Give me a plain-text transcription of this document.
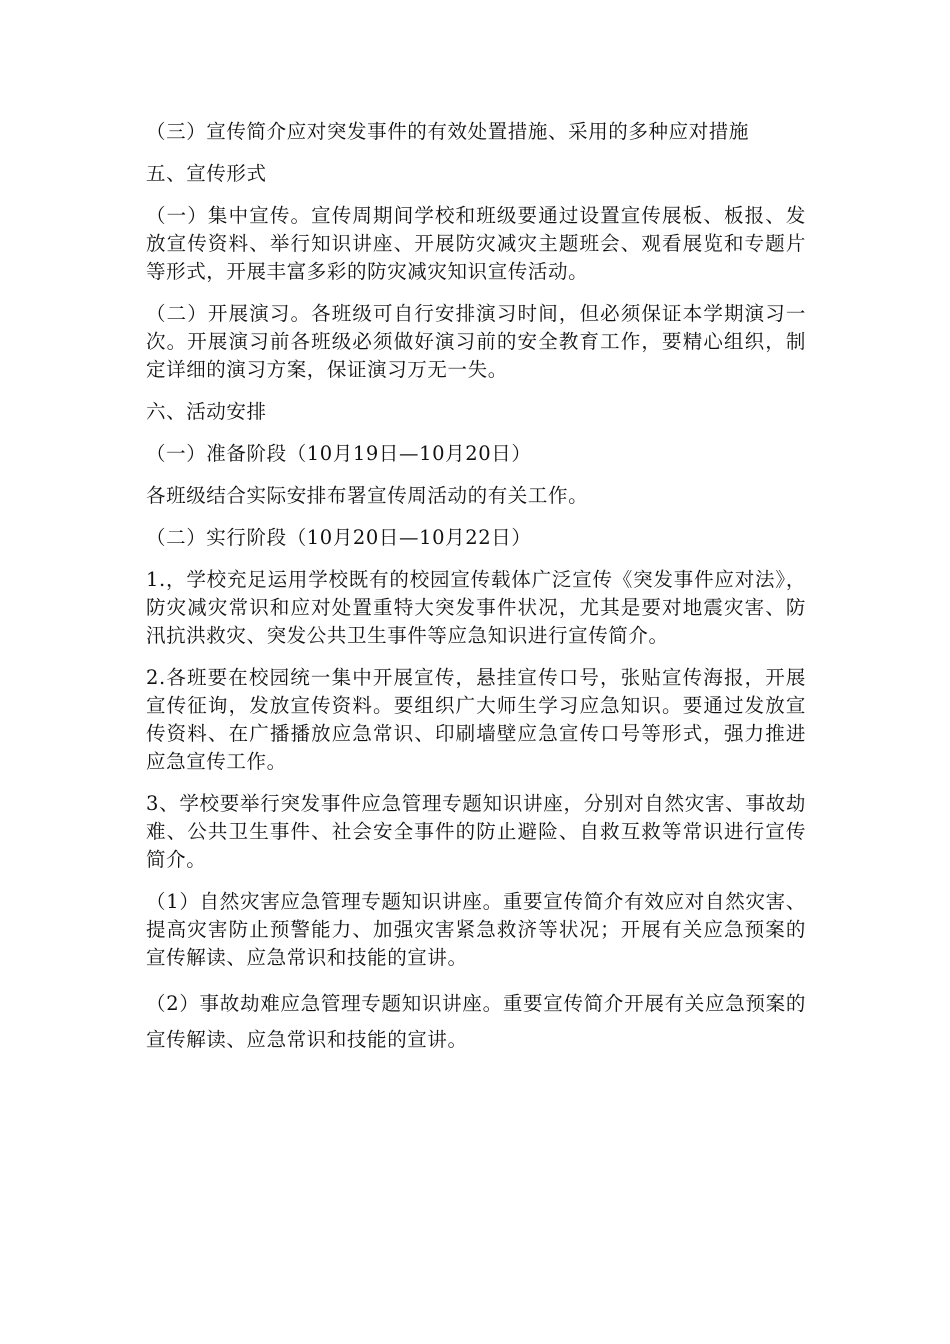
（三）宣传简介应对突发事件的有效处置措施、采用的多种应对措施

五、宣传形式

（一）集中宣传。宣传周期间学校和班级要通过设置宣传展板、板报、发放宣传资料、举行知识讲座、开展防灾减灾主题班会、观看展览和专题片等形式，开展丰富多彩的防灾减灾知识宣传活动。

（二）开展演习。各班级可自行安排演习时间，但必须保证本学期演习一次。开展演习前各班级必须做好演习前的安全教育工作，要精心组织，制定详细的演习方案，保证演习万无一失。

六、活动安排

（一）准备阶段（10月19日—10月20日）

各班级结合实际安排布署宣传周活动的有关工作。

（二）实行阶段（10月20日—10月22日）

1.，学校充足运用学校既有的校园宣传载体广泛宣传《突发事件应对法》，防灾减灾常识和应对处置重特大突发事件状况，尤其是要对地震灾害、防汛抗洪救灾、突发公共卫生事件等应急知识进行宣传简介。

2.各班要在校园统一集中开展宣传，悬挂宣传口号，张贴宣传海报，开展宣传征询，发放宣传资料。要组织广大师生学习应急知识。要通过发放宣传资料、在广播播放应急常识、印刷墙壁应急宣传口号等形式，强力推进应急宣传工作。

3、学校要举行突发事件应急管理专题知识讲座，分别对自然灾害、事故劫难、公共卫生事件、社会安全事件的防止避险、自救互救等常识进行宣传简介。

（1）自然灾害应急管理专题知识讲座。重要宣传简介有效应对自然灾害、提高灾害防止预警能力、加强灾害紧急救济等状况；开展有关应急预案的宣传解读、应急常识和技能的宣讲。

（2）事故劫难应急管理专题知识讲座。重要宣传简介开展有关应急预案的宣传解读、应急常识和技能的宣讲。
